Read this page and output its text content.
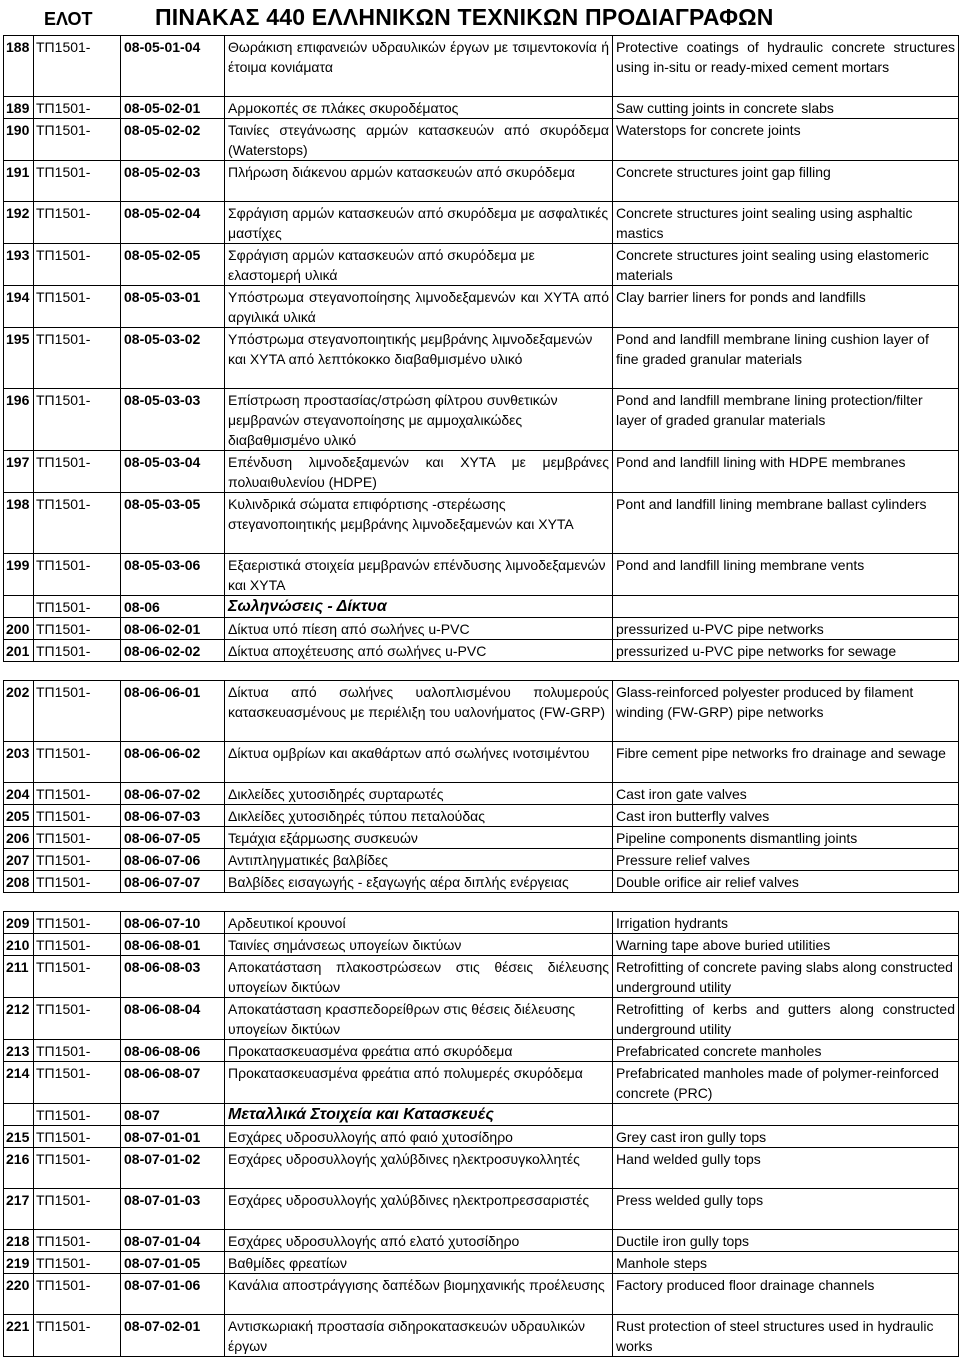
ΕΛΟΤ	ΠΙΝΑΚΑΣ 440 ΕΛΛΗΝΙΚΩΝ ΤΕΧΝΙΚΩΝ ΠΡΟΔΙΑΓΡΑΦΩΝ
188	ΤΠ1501-	08-05-01-04	Θωράκιση επιφανειών υδραυλικών έργων με τσιμεντοκονία ή έτοιμα κονιάματα	Protective coatings of hydraulic concrete structures using in-situ or ready-mixed cement mortars
189	ΤΠ1501-	08-05-02-01	Αρμοκοπές σε πλάκες σκυροδέματος	Saw cutting joints in concrete slabs
190	ΤΠ1501-	08-05-02-02	Ταινίες στεγάνωσης αρμών κατασκευών από σκυρόδεμα (Waterstops)	Waterstops for concrete joints
191	ΤΠ1501-	08-05-02-03	Πλήρωση διάκενου αρμών κατασκευών από σκυρόδεμα	Concrete structures joint gap filling
192	ΤΠ1501-	08-05-02-04	Σφράγιση αρμών κατασκευών από σκυρόδεμα με ασφαλτικές μαστίχες	Concrete structures joint sealing using asphaltic mastics
193	ΤΠ1501-	08-05-02-05	Σφράγιση αρμών κατασκευών από σκυρόδεμα με ελαστομερή υλικά	Concrete structures joint sealing using elastomeric materials
194	ΤΠ1501-	08-05-03-01	Υπόστρωμα στεγανοποίησης λιμνοδεξαμενών και ΧΥΤΑ από αργιλικά υλικά	Clay barrier liners for ponds and landfills
195	ΤΠ1501-	08-05-03-02	Υπόστρωμα στεγανοποιητικής μεμβράνης λιμνοδεξαμενών και ΧΥΤΑ από λεπτόκοκκο διαβαθμισμένο υλικό	Pond and landfill membrane lining cushion layer of fine graded granular materials
196	ΤΠ1501-	08-05-03-03	Επίστρωση προστασίας/στρώση φίλτρου συνθετικών μεμβρανών στεγανοποίησης με αμμοχαλικώδες διαβαθμισμένο υλικό	Pond and landfill membrane lining protection/filter layer of graded granular materials
197	ΤΠ1501-	08-05-03-04	Επένδυση λιμνοδεξαμενών και ΧΥΤΑ με μεμβράνες πολυαιθυλενίου (HDPE)	Pond and landfill lining with HDPE membranes
198	ΤΠ1501-	08-05-03-05	Κυλινδρικά σώματα επιφόρτισης -στερέωσης στεγανοποιητικής μεμβράνης λιμνοδεξαμενών και ΧΥΤΑ	Pont and landfill lining membrane ballast cylinders
199	ΤΠ1501-	08-05-03-06	Εξαεριστικά στοιχεία μεμβρανών επένδυσης λιμνοδεξαμενών και ΧΥΤΑ	Pond and landfill lining membrane vents
	ΤΠ1501-	08-06	Σωληνώσεις - Δίκτυα	
200	ΤΠ1501-	08-06-02-01	Δίκτυα υπό πίεση από σωλήνες u-PVC	pressurized u-PVC pipe networks
201	ΤΠ1501-	08-06-02-02	Δίκτυα αποχέτευσης από σωλήνες u-PVC	pressurized u-PVC pipe networks for sewage

202	ΤΠ1501-	08-06-06-01	Δίκτυα από σωλήνες υαλοπλισμένου πολυμερούς κατασκευασμένους με περιέλιξη του υαλονήματος (FW-GRP)	Glass-reinforced polyester produced by filament winding (FW-GRP) pipe networks
203	ΤΠ1501-	08-06-06-02	Δίκτυα ομβρίων και ακαθάρτων από σωλήνες ινοτσιμέντου	Fibre cement pipe networks fro drainage and sewage
204	ΤΠ1501-	08-06-07-02	Δικλείδες χυτοσιδηρές συρταρωτές	Cast iron gate valves
205	ΤΠ1501-	08-06-07-03	Δικλείδες χυτοσιδηρές τύπου πεταλούδας	Cast iron butterfly valves
206	ΤΠ1501-	08-06-07-05	Τεμάχια εξάρμωσης συσκευών	Pipeline components dismantling joints
207	ΤΠ1501-	08-06-07-06	Αντιπληγματικές βαλβίδες	Pressure relief valves
208	ΤΠ1501-	08-06-07-07	Βαλβίδες εισαγωγής - εξαγωγής αέρα διπλής ενέργειας	Double orifice air relief valves

209	ΤΠ1501-	08-06-07-10	Αρδευτικοί κρουνοί	Irrigation hydrants
210	ΤΠ1501-	08-06-08-01	Ταινίες σημάνσεως υπογείων δικτύων	Warning tape above buried utilities
211	ΤΠ1501-	08-06-08-03	Αποκατάσταση πλακοστρώσεων στις θέσεις διέλευσης υπογείων δικτύων	Retrofitting of concrete paving slabs along constructed underground utility
212	ΤΠ1501-	08-06-08-04	Αποκατάσταση κρασπεδορείθρων στις θέσεις διέλευσης υπογείων δικτύων	Retrofitting of kerbs and gutters along constructed underground utility
213	ΤΠ1501-	08-06-08-06	Προκατασκευασμένα φρεάτια από σκυρόδεμα	Prefabricated concrete manholes
214	ΤΠ1501-	08-06-08-07	Προκατασκευασμένα φρεάτια από πολυμερές σκυρόδεμα	Prefabricated manholes made of polymer-reinforced concrete (PRC)
	ΤΠ1501-	08-07	Μεταλλικά Στοιχεία και Κατασκευές	
215	ΤΠ1501-	08-07-01-01	Εσχάρες υδροσυλλογής από φαιό χυτοσίδηρο	Grey cast iron gully tops
216	ΤΠ1501-	08-07-01-02	Εσχάρες υδροσυλλογής χαλύβδινες ηλεκτροσυγκολλητές	Hand welded gully tops
217	ΤΠ1501-	08-07-01-03	Εσχάρες υδροσυλλογής χαλύβδινες ηλεκτροπρεσσαριστές	Press welded gully tops
218	ΤΠ1501-	08-07-01-04	Εσχάρες υδροσυλλογής από ελατό χυτοσίδηρο	Ductile iron gully tops
219	ΤΠ1501-	08-07-01-05	Βαθμίδες φρεατίων	Manhole steps
220	ΤΠ1501-	08-07-01-06	Κανάλια αποστράγγισης δαπέδων βιομηχανικής προέλευσης	Factory produced floor drainage channels
221	ΤΠ1501-	08-07-02-01	Αντισκωριακή προστασία σιδηροκατασκευών υδραυλικών έργων	Rust protection of steel structures used in hydraulic works
